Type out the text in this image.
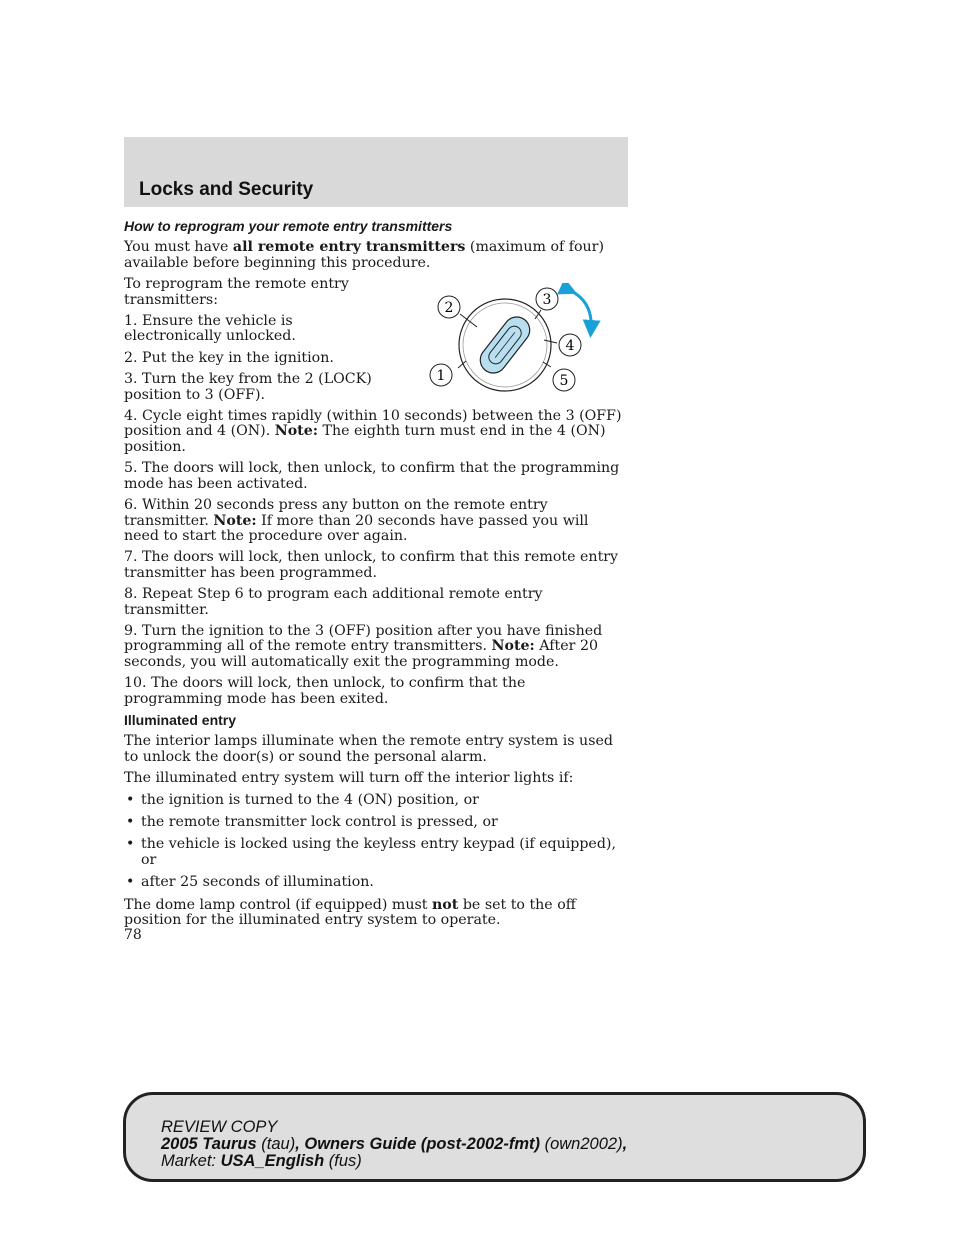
Locks and Security

How to reprogram your remote entry transmitters

You must have all remote entry transmitters (maximum of four) available before beginning this procedure.

To reprogram the remote entry transmitters:

1. Ensure the vehicle is electronically unlocked.

2. Put the key in the ignition.

3. Turn the key from the 2 (LOCK) position to 3 (OFF).

4. Cycle eight times rapidly (within 10 seconds) between the 3 (OFF) position and 4 (ON). Note: The eighth turn must end in the 4 (ON) position.

5. The doors will lock, then unlock, to confirm that the programming mode has been activated.

6. Within 20 seconds press any button on the remote entry transmitter. Note: If more than 20 seconds have passed you will need to start the procedure over again.

7. The doors will lock, then unlock, to confirm that this remote entry transmitter has been programmed.

8. Repeat Step 6 to program each additional remote entry transmitter.

9. Turn the ignition to the 3 (OFF) position after you have finished programming all of the remote entry transmitters. Note: After 20 seconds, you will automatically exit the programming mode.

10. The doors will lock, then unlock, to confirm that the programming mode has been exited.

Illuminated entry

The interior lamps illuminate when the remote entry system is used to unlock the door(s) or sound the personal alarm.

The illuminated entry system will turn off the interior lights if:

• the ignition is turned to the 4 (ON) position, or
• the remote transmitter lock control is pressed, or
• the vehicle is locked using the keyless entry keypad (if equipped), or
• after 25 seconds of illumination.

The dome lamp control (if equipped) must not be set to the off position for the illuminated entry system to operate.

1
2	3
4
5
78
REVIEW COPY
2005 Taurus (tau), Owners Guide (post-2002-fmt) (own2002),
Market: USA_English (fus)
